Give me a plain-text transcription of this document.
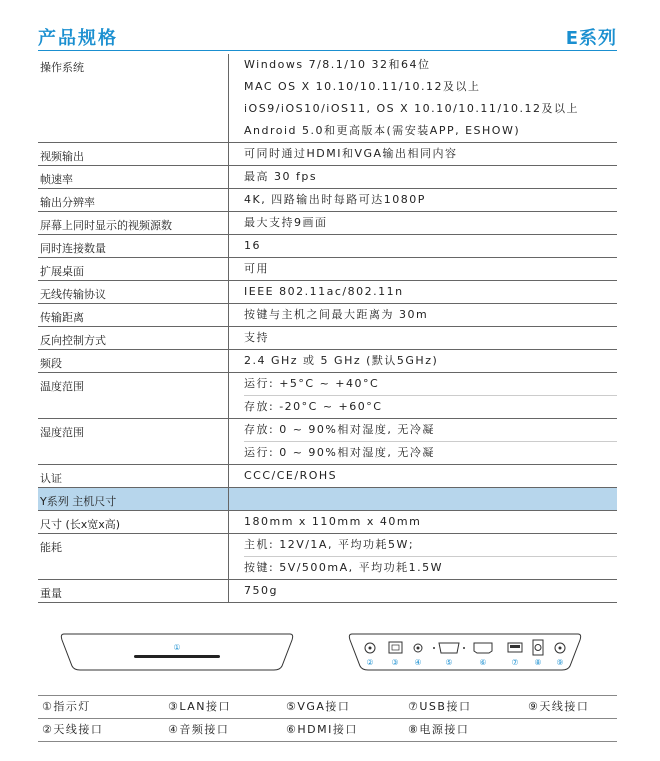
产品规格	E系列
操作系统	Windows 7/8.1/10 32和64位
MAC OS X 10.10/10.11/10.12及以上
iOS9/iOS10/iOS11, OS X 10.10/10.11/10.12及以上
Android 5.0和更高版本(需安装APP, ESHOW)

视频输出	可同时通过HDMI和VGA输出相同内容

帧速率	最高 30 fps

输出分辨率	4K, 四路输出时每路可达1080P

屏幕上同时显示的视频源数	最大支持9画面

同时连接数量	16

扩展桌面	可用

无线传输协议	IEEE 802.11ac/802.11n

传输距离	按键与主机之间最大距离为 30m

反向控制方式	支持

频段	2.4 GHz 或 5 GHz (默认5GHz)

温度范围	运行: +5°C ~ +40°C
存放: -20°C ~ +60°C

湿度范围	存放: 0 ~ 90%相对湿度, 无冷凝
运行: 0 ~ 90%相对湿度, 无冷凝

认证	CCC/CE/ROHS

Y系列 主机尺寸	

尺寸 (长x宽x高)	180mm x 110mm x 40mm

能耗	主机: 12V/1A, 平均功耗5W;
按键: 5V/500mA, 平均功耗1.5W

重量	750g
①
② ③ ④	⑤	⑥	⑦ ⑧ ⑨
①指示灯	③LAN接口	⑤VGA接口	⑦USB接口	⑨天线接口
②天线接口	④音频接口	⑥HDMI接口	⑧电源接口
